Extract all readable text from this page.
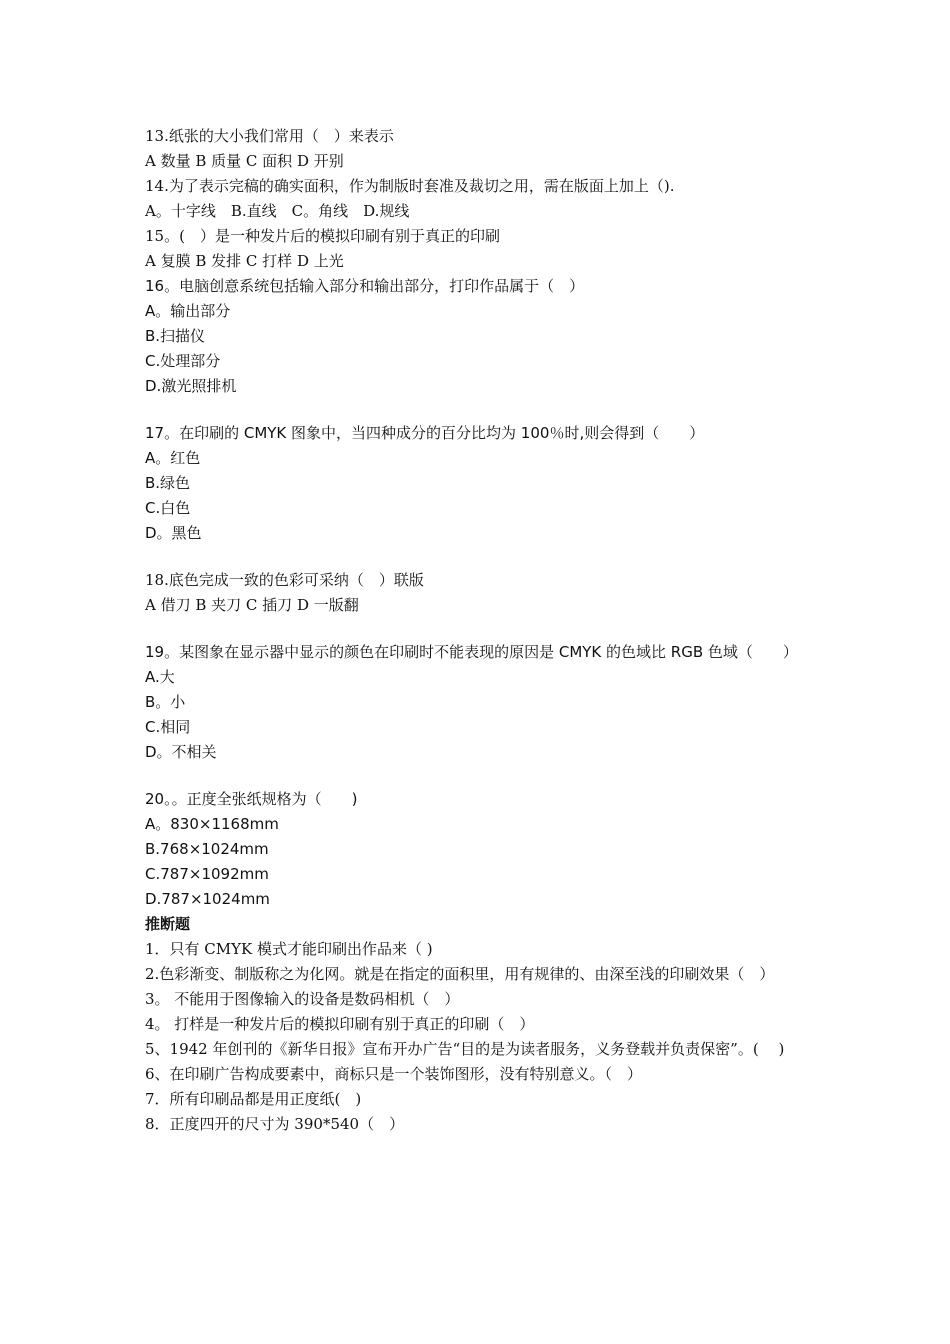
13.纸张的大小我们常用（　）来表示
A 数量 B 质量 C 面积 D 开别
14.为了表示完稿的确实面积，作为制版时套准及裁切之用，需在版面上加上（).
A。十字线　B.直线　C。角线　D.规线
15。(　）是一种发片后的模拟印刷有别于真正的印刷
A 复膜 B 发排 C 打样 D 上光
16。电脑创意系统包括输入部分和输出部分，打印作品属于（　）
A。输出部分
B.扫描仪
C.处理部分
D.激光照排机
17。在印刷的 CMYK 图象中，当四种成分的百分比均为 100％时,则会得到（　　）
A。红色
B.绿色
C.白色
D。黑色
18.底色完成一致的色彩可采纳（　）联版
A 借刀 B 夹刀 C 插刀 D 一版翻
19。某图象在显示器中显示的颜色在印刷时不能表现的原因是 CMYK 的色域比 RGB 色域（　　）
A.大
B。小
C.相同
D。不相关
20。。正度全张纸规格为（　　)
A。830×1168mm
B.768×1024mm
C.787×1092mm
D.787×1024mm
推断题
1．只有 CMYK 模式才能印刷出作品来（ )
2.色彩渐变、制版称之为化网。就是在指定的面积里，用有规律的、由深至浅的印刷效果（　）
3。 不能用于图像输入的设备是数码相机（　）
4。 打样是一种发片后的模拟印刷有别于真正的印刷（　）
5、1942 年创刊的《新华日报》宣布开办广告“目的是为读者服务，义务登载并负责保密”。( 　)
6、在印刷广告构成要素中，商标只是一个装饰图形，没有特别意义。（　）
7．所有印刷品都是用正度纸(　)
8．正度四开的尺寸为 390*540（　）
